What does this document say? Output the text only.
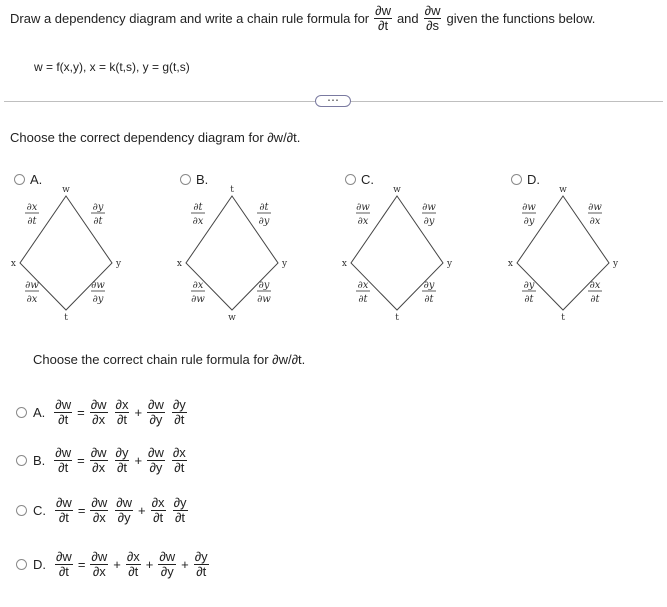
Draw a dependency diagram and write a chain rule formula for $\frac{\partial w}{\partial t}$ and $\frac{\partial w}{\partial s}$ given the functions below.
w = f(x,y), x = k(t,s), y = g(t,s)
⋯
Choose the correct dependency diagram for ∂w/∂t.
A.
w
x	y
t
∂x
∂t
∂y
∂t
∂w
∂x
∂w
∂y
B.
t
x	y
w
∂t
∂x
∂t
∂y
∂x
∂w
∂y
∂w
C.
w
x	y
t
∂w
∂x
∂w
∂y
∂x
∂t
∂y
∂t
D.
w
x	y
t
∂w
∂y
∂w
∂x
∂y
∂t
∂x
∂t
Choose the correct chain rule formula for ∂w/∂t.
A. $\frac{\partial w}{\partial t} = \frac{\partial w}{\partial x} \frac{\partial x}{\partial t} + \frac{\partial w}{\partial y} \frac{\partial y}{\partial t}$
B. $\frac{\partial w}{\partial t} = \frac{\partial w}{\partial x} \frac{\partial y}{\partial t} + \frac{\partial w}{\partial y} \frac{\partial x}{\partial t}$
C. $\frac{\partial w}{\partial t} = \frac{\partial w}{\partial x} \frac{\partial w}{\partial y} + \frac{\partial x}{\partial t} \frac{\partial y}{\partial t}$
D. $\frac{\partial w}{\partial t} = \frac{\partial w}{\partial x} + \frac{\partial x}{\partial t} + \frac{\partial w}{\partial y} + \frac{\partial y}{\partial t}$
